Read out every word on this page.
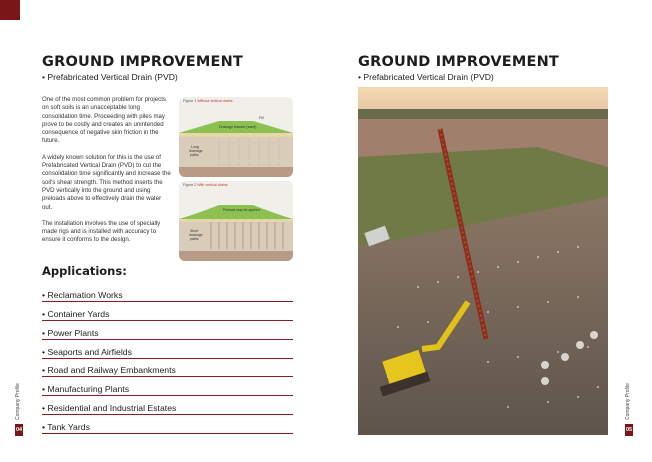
GROUND IMPROVEMENT
• Prefabricated Vertical Drain (PVD)

One of the most common problem for projects on soft soils is an unacceptable long consolidation time. Proceeding with piles may prove to be costly and creates an unintended consequence of negative skin friction in the future.

A widely known solution for this is the use of Prefabricated Vertical Drain (PVD) to cut the consolidation time significantly and increase the soil's shear strength. This method inserts the PVD vertically into the ground and using preloads above to effectively drain the water out.

The installation involves the use of specially made rigs and is installed with accuracy to ensure it conforms to the design.

Figure 1 Without vertical drains
Fill
Drainage blanket (sand)
Long
drainage
paths
Figure 2 With vertical drains
Preload may be applied
Short
drainage
paths
Applications:
• Reclamation Works
• Container Yards
• Power Plants
• Seaports and Airfields
• Road and Railway Embankments
• Manufacturing Plants
• Residential and Industrial Estates
• Tank Yards
Company Profile
04
GROUND IMPROVEMENT
• Prefabricated Vertical Drain (PVD)
Company Profile
05
